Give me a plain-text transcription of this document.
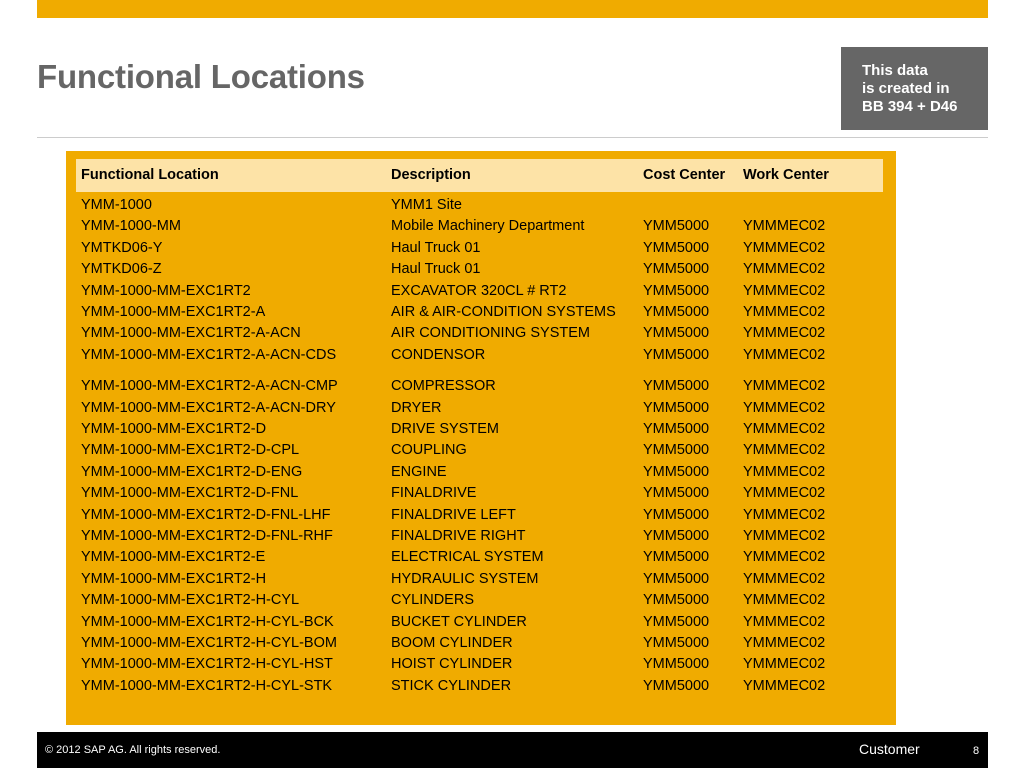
Functional Locations	This data
is created in
BB 394 + D46
Functional Location	Description	Cost Center Work Center
YMM-1000	YMM1 Site
YMM-1000-MM	Mobile Machinery Department	YMM5000 YMMMEC02
YMTKD06-Y	Haul Truck 01	YMM5000 YMMMEC02
YMTKD06-Z	Haul Truck 01	YMM5000 YMMMEC02
YMM-1000-MM-EXC1RT2	EXCAVATOR 320CL # RT2	YMM5000 YMMMEC02
YMM-1000-MM-EXC1RT2-A	AIR & AIR-CONDITION SYSTEMS YMM5000 YMMMEC02
YMM-1000-MM-EXC1RT2-A-ACN	AIR CONDITIONING SYSTEM	YMM5000 YMMMEC02
YMM-1000-MM-EXC1RT2-A-ACN-CDS	CONDENSOR	YMM5000 YMMMEC02
YMM-1000-MM-EXC1RT2-A-ACN-CMP	COMPRESSOR	YMM5000 YMMMEC02
YMM-1000-MM-EXC1RT2-A-ACN-DRY	DRYER	YMM5000 YMMMEC02
YMM-1000-MM-EXC1RT2-D	DRIVE SYSTEM	YMM5000 YMMMEC02
YMM-1000-MM-EXC1RT2-D-CPL	COUPLING	YMM5000 YMMMEC02
YMM-1000-MM-EXC1RT2-D-ENG	ENGINE	YMM5000 YMMMEC02
YMM-1000-MM-EXC1RT2-D-FNL	FINALDRIVE	YMM5000 YMMMEC02
YMM-1000-MM-EXC1RT2-D-FNL-LHF	FINALDRIVE LEFT	YMM5000 YMMMEC02
YMM-1000-MM-EXC1RT2-D-FNL-RHF	FINALDRIVE RIGHT	YMM5000 YMMMEC02
YMM-1000-MM-EXC1RT2-E	ELECTRICAL SYSTEM	YMM5000 YMMMEC02
YMM-1000-MM-EXC1RT2-H	HYDRAULIC SYSTEM	YMM5000 YMMMEC02
YMM-1000-MM-EXC1RT2-H-CYL	CYLINDERS	YMM5000 YMMMEC02
YMM-1000-MM-EXC1RT2-H-CYL-BCK	BUCKET CYLINDER	YMM5000 YMMMEC02
YMM-1000-MM-EXC1RT2-H-CYL-BOM	BOOM CYLINDER	YMM5000 YMMMEC02
YMM-1000-MM-EXC1RT2-H-CYL-HST	HOIST CYLINDER	YMM5000 YMMMEC02
YMM-1000-MM-EXC1RT2-H-CYL-STK	STICK CYLINDER	YMM5000 YMMMEC02
© 2012 SAP AG. All rights reserved.	Customer	8
